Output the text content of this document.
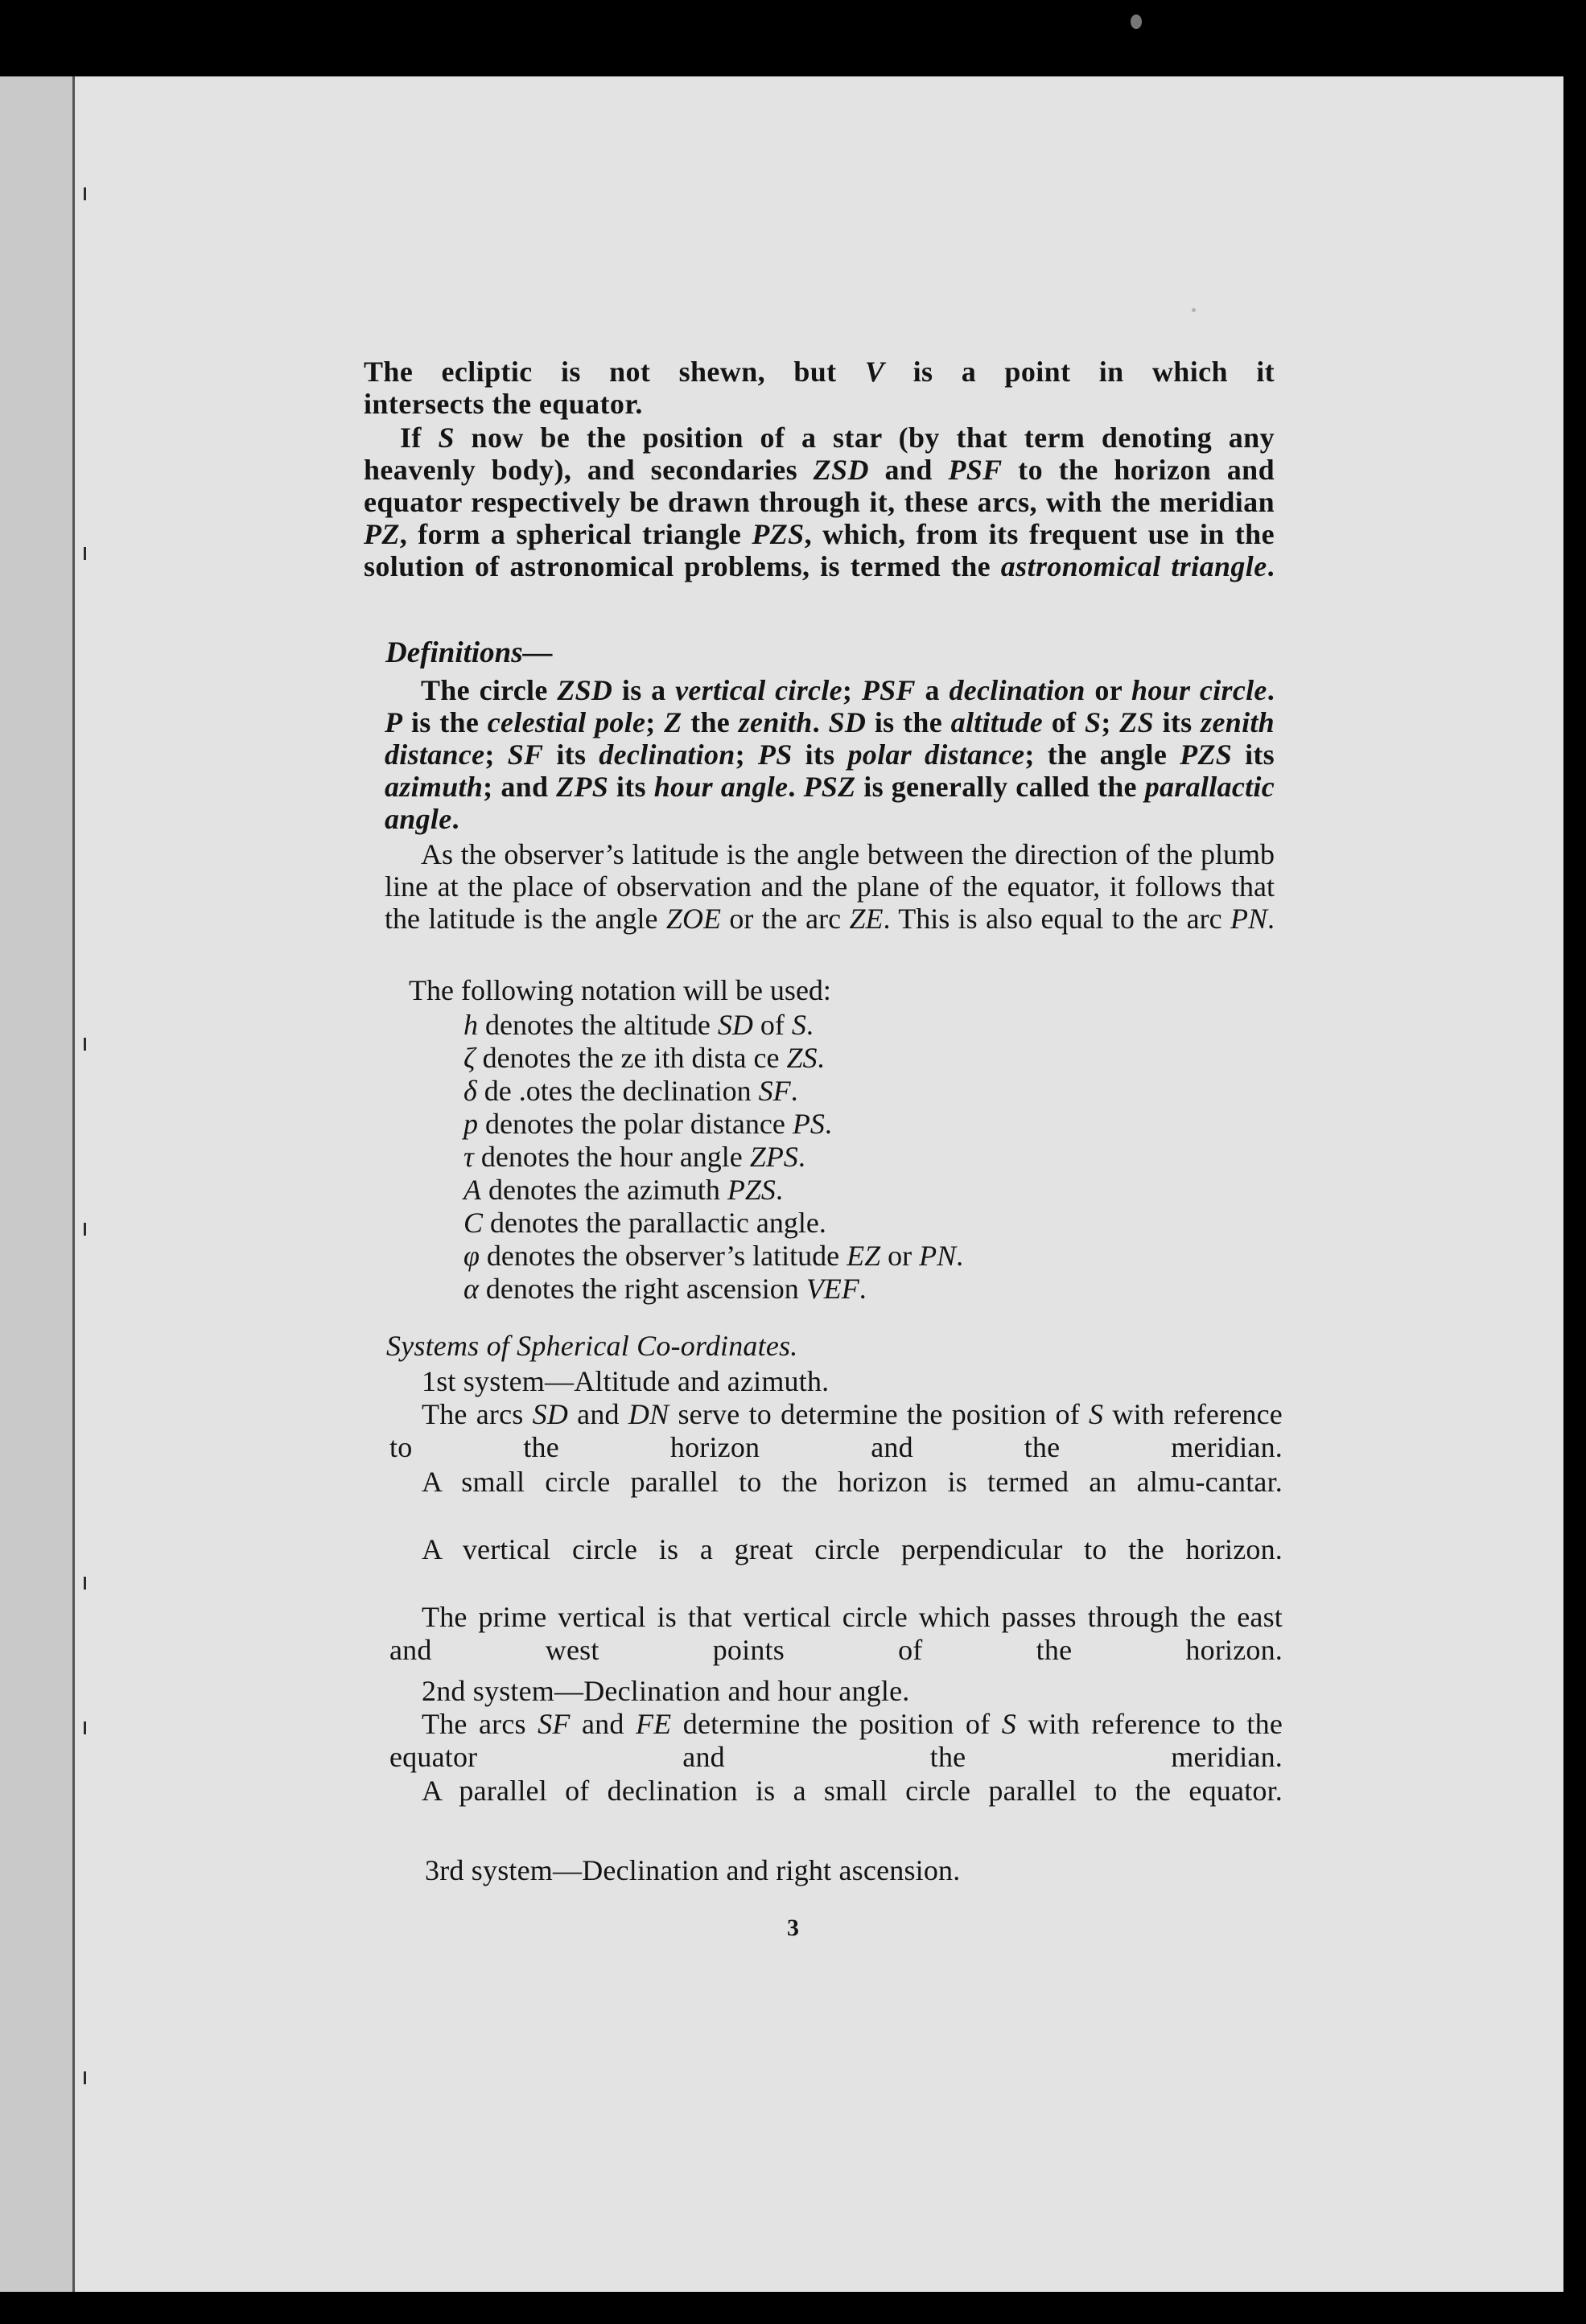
The ecliptic is not shewn, but V is a point in which it

intersects the equator.

If S now be the position of a star (by that term denoting any heavenly body), and secondaries ZSD and PSF to the horizon and equator respectively be drawn through it, these arcs, with the meridian PZ, form a spherical triangle PZS, which, from its frequent use in the solution of astronomical problems, is termed the astronomical triangle.

Definitions—

The circle ZSD is a vertical circle; PSF a declination or hour circle. P is the celestial pole; Z the zenith. SD is the altitude of S; ZS its zenith distance; SF its declination; PS its polar distance; the angle PZS its azimuth; and ZPS its hour angle. PSZ is generally called the parallactic angle.

As the observer’s latitude is the angle between the direction of the plumb line at the place of observation and the plane of the equator, it follows that the latitude is the angle ZOE or the arc ZE. This is also equal to the arc PN.

The following notation will be used:

h denotes the altitude SD of S.

ζ denotes the ze ith dista ce ZS.

δ de .otes the declination SF.

p denotes the polar distance PS.

τ denotes the hour angle ZPS.

A denotes the azimuth PZS.

C denotes the parallactic angle.

φ denotes the observer’s latitude EZ or PN.

α denotes the right ascension VEF.

Systems of Spherical Co-ordinates.

1st system—Altitude and azimuth.

The arcs SD and DN serve to determine the position of S with reference to the horizon and the meridian.

A small circle parallel to the horizon is termed an almu-cantar.

A vertical circle is a great circle perpendicular to the horizon.

The prime vertical is that vertical circle which passes through the east and west points of the horizon.

2nd system—Declination and hour angle.

The arcs SF and FE determine the position of S with reference to the equator and the meridian.

A parallel of declination is a small circle parallel to the equator.

3rd system—Declination and right ascension.

3
